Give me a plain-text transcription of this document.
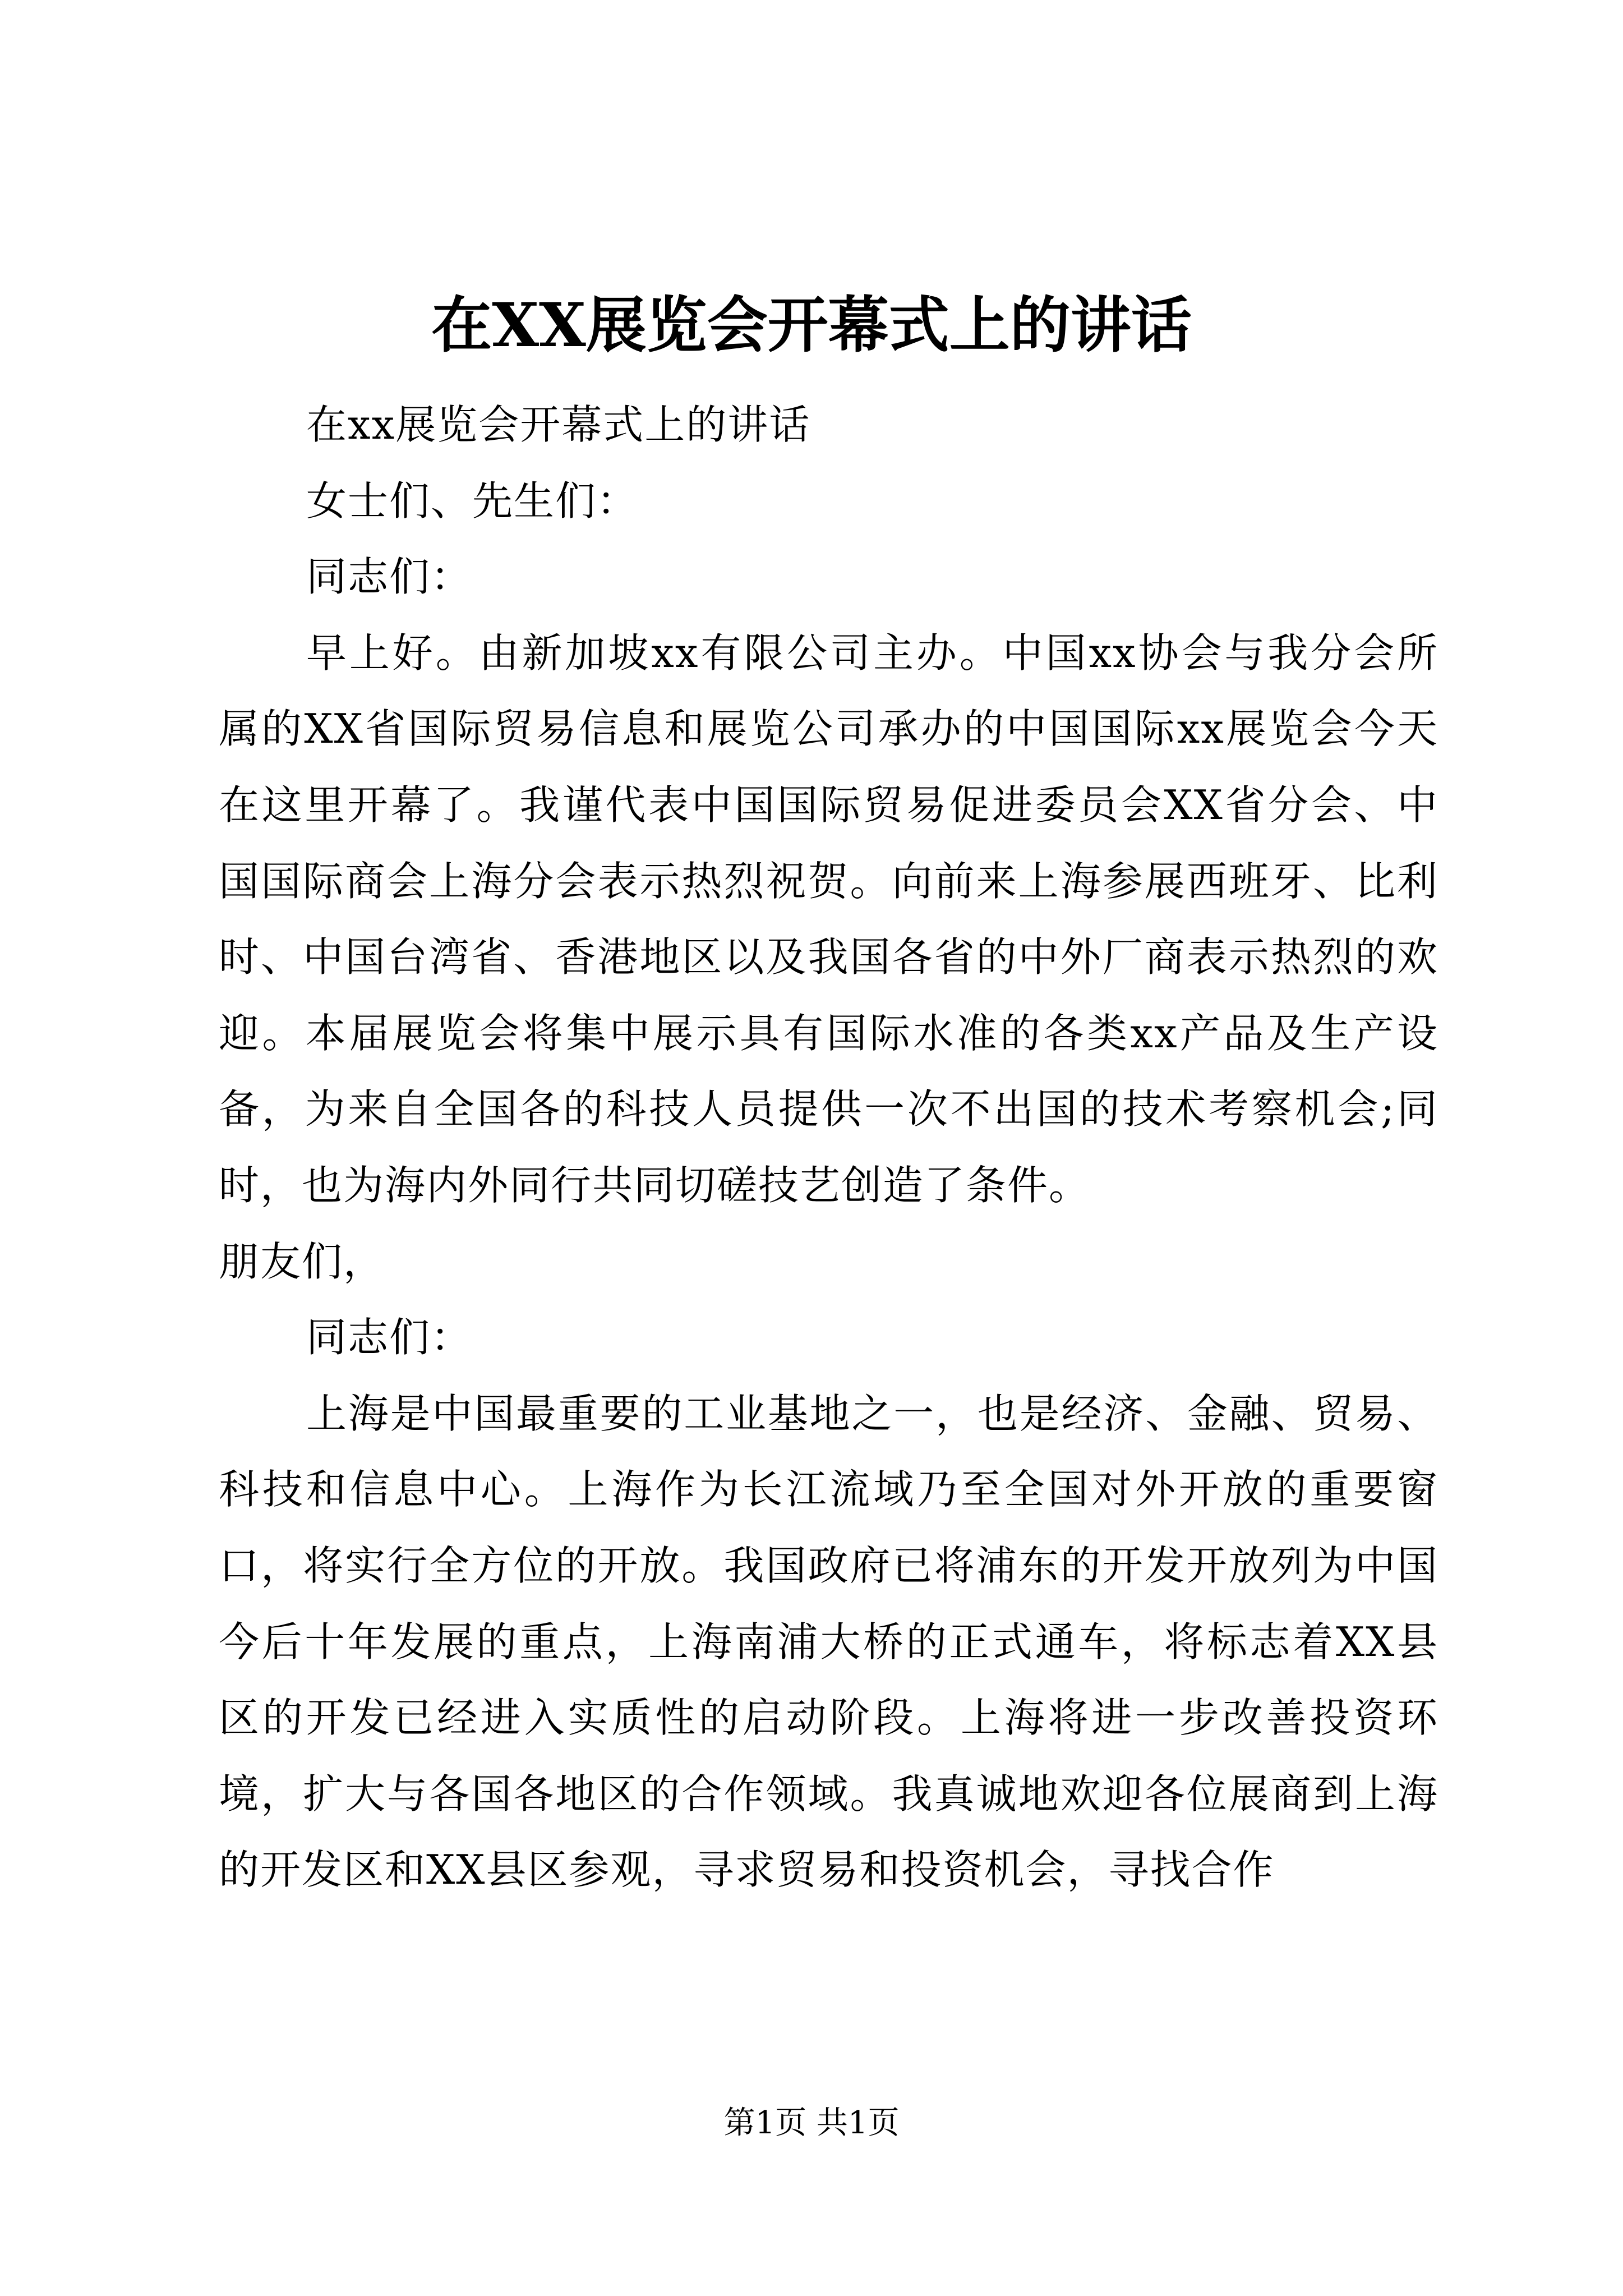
在XX展览会开幕式上的讲话

在xx展览会开幕式上的讲话

女士们、先生们：

同志们：

早上好。由新加坡xx有限公司主办。中国xx协会与我分会所属的XX省国际贸易信息和展览公司承办的中国国际xx展览会今天在这里开幕了。我谨代表中国国际贸易促进委员会XX省分会、中国国际商会上海分会表示热烈祝贺。向前来上海参展西班牙、比利时、中国台湾省、香港地区以及我国各省的中外厂商表示热烈的欢迎。本届展览会将集中展示具有国际水准的各类xx产品及生产设备，为来自全国各的科技人员提供一次不出国的技术考察机会;同时，也为海内外同行共同切磋技艺创造了条件。

朋友们，

同志们：

上海是中国最重要的工业基地之一，也是经济、金融、贸易、科技和信息中心。上海作为长江流域乃至全国对外开放的重要窗口，将实行全方位的开放。我国政府已将浦东的开发开放列为中国今后十年发展的重点，上海南浦大桥的正式通车，将标志着XX县区的开发已经进入实质性的启动阶段。上海将进一步改善投资环境，扩大与各国各地区的合作领域。我真诚地欢迎各位展商到上海的开发区和XX县区参观，寻求贸易和投资机会，寻找合作

第1页 共1页
